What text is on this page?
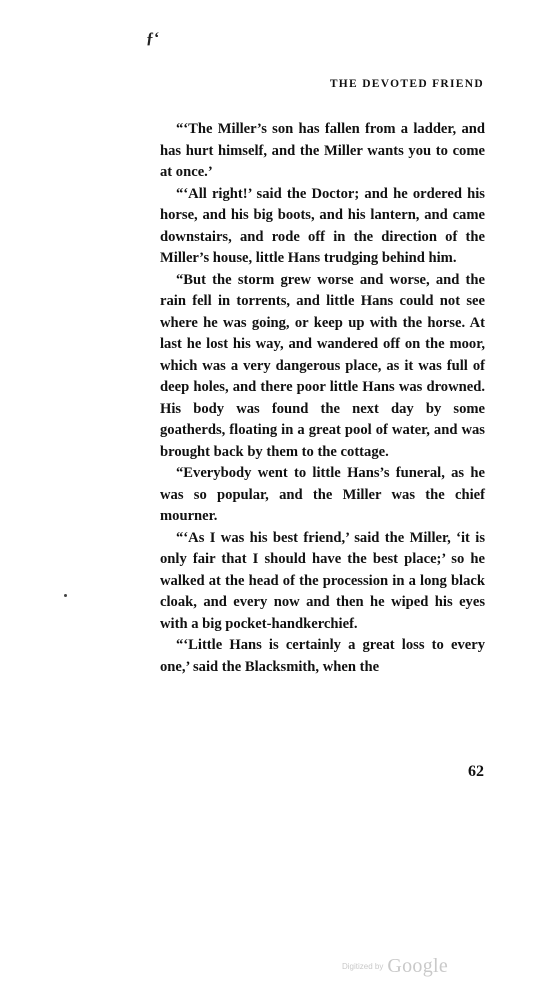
ƒʻ
THE DEVOTED FRIEND

“‘The Miller’s son has fallen from a ladder, and has hurt himself, and the Miller wants you to come at once.’

“‘All right!’ said the Doctor; and he ordered his horse, and his big boots, and his lantern, and came downstairs, and rode off in the direction of the Miller’s house, little Hans trudging behind him.

“But the storm grew worse and worse, and the rain fell in torrents, and little Hans could not see where he was going, or keep up with the horse. At last he lost his way, and wandered off on the moor, which was a very dangerous place, as it was full of deep holes, and there poor little Hans was drowned. His body was found the next day by some goatherds, floating in a great pool of water, and was brought back by them to the cottage.

“Everybody went to little Hans’s funeral, as he was so popular, and the Miller was the chief mourner.

“‘As I was his best friend,’ said the Miller, ‘it is only fair that I should have the best place;’ so he walked at the head of the procession in a long black cloak, and every now and then he wiped his eyes with a big pocket-handkerchief.

“‘Little Hans is certainly a great loss to every one,’ said the Blacksmith, when the

62
Digitized by Google
